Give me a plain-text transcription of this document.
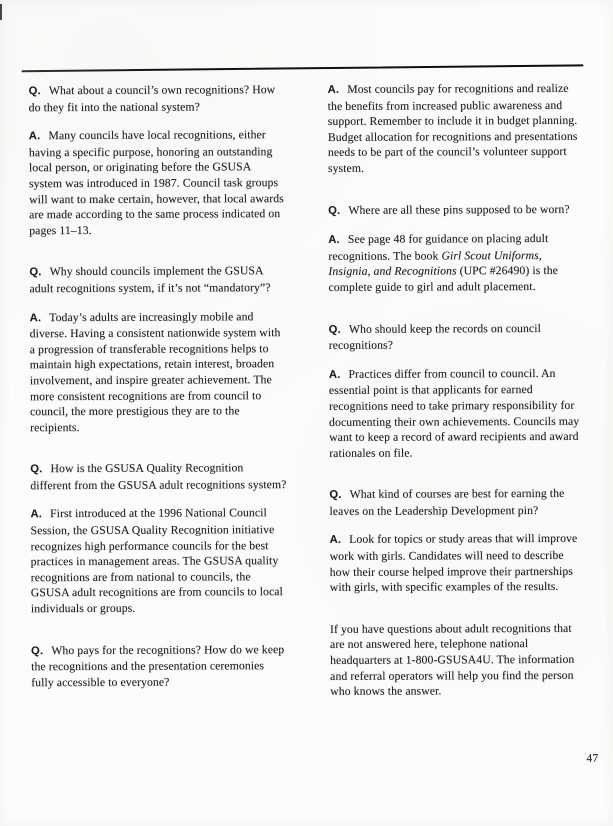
Q. What about a council’s own recognitions? How do they fit into the national system?

A. Many councils have local recognitions, either having a specific purpose, honoring an outstanding local person, or originating before the GSUSA system was introduced in 1987. Council task groups will want to make certain, however, that local awards are made according to the same process indicated on pages 11–13.

Q. Why should councils implement the GSUSA adult recognitions system, if it’s not “mandatory”?

A. Today’s adults are increasingly mobile and diverse. Having a consistent nationwide system with a progression of transferable recognitions helps to maintain high expectations, retain interest, broaden involvement, and inspire greater achievement. The more consistent recognitions are from council to council, the more prestigious they are to the recipients.

Q. How is the GSUSA Quality Recognition different from the GSUSA adult recognitions system?

A. First introduced at the 1996 National Council Session, the GSUSA Quality Recognition initiative recognizes high performance councils for the best practices in management areas. The GSUSA quality recognitions are from national to councils, the GSUSA adult recognitions are from councils to local individuals or groups.

Q. Who pays for the recognitions? How do we keep the recognitions and the presentation ceremonies fully accessible to everyone?

A. Most councils pay for recognitions and realize the benefits from increased public awareness and support. Remember to include it in budget planning. Budget allocation for recognitions and presentations needs to be part of the council’s volunteer support system.

Q. Where are all these pins supposed to be worn?

A. See page 48 for guidance on placing adult recognitions. The book Girl Scout Uniforms, Insignia, and Recognitions (UPC #26490) is the complete guide to girl and adult placement.

Q. Who should keep the records on council recognitions?

A. Practices differ from council to council. An essential point is that applicants for earned recognitions need to take primary responsibility for documenting their own achievements. Councils may want to keep a record of award recipients and award rationales on file.

Q. What kind of courses are best for earning the leaves on the Leadership Development pin?

A. Look for topics or study areas that will improve work with girls. Candidates will need to describe how their course helped improve their partnerships with girls, with specific examples of the results.

If you have questions about adult recognitions that are not answered here, telephone national headquarters at 1-800-GSUSA4U. The information and referral operators will help you find the person who knows the answer.

47
